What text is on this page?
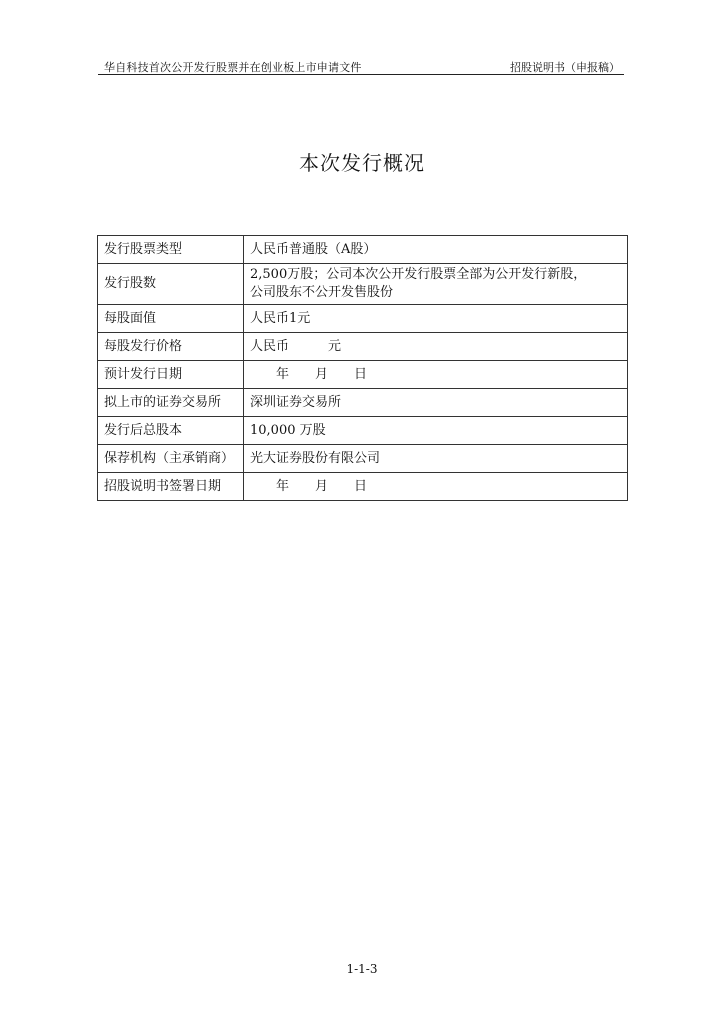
华自科技首次公开发行股票并在创业板上市申请文件	招股说明书（申报稿）
本次发行概况
发行股票类型	人民币普通股（A股）
发行股数	2,500万股；公司本次公开发行股票全部为公开发行新股，
公司股东不公开发售股份

每股面值	人民币1元
每股发行价格	人民币　　　元
预计发行日期	　　年　　月　　日
拟上市的证券交易所	深圳证券交易所
发行后总股本	10,000 万股
保荐机构（主承销商）	光大证券股份有限公司
招股说明书签署日期	　　年　　月　　日
1-1-3
